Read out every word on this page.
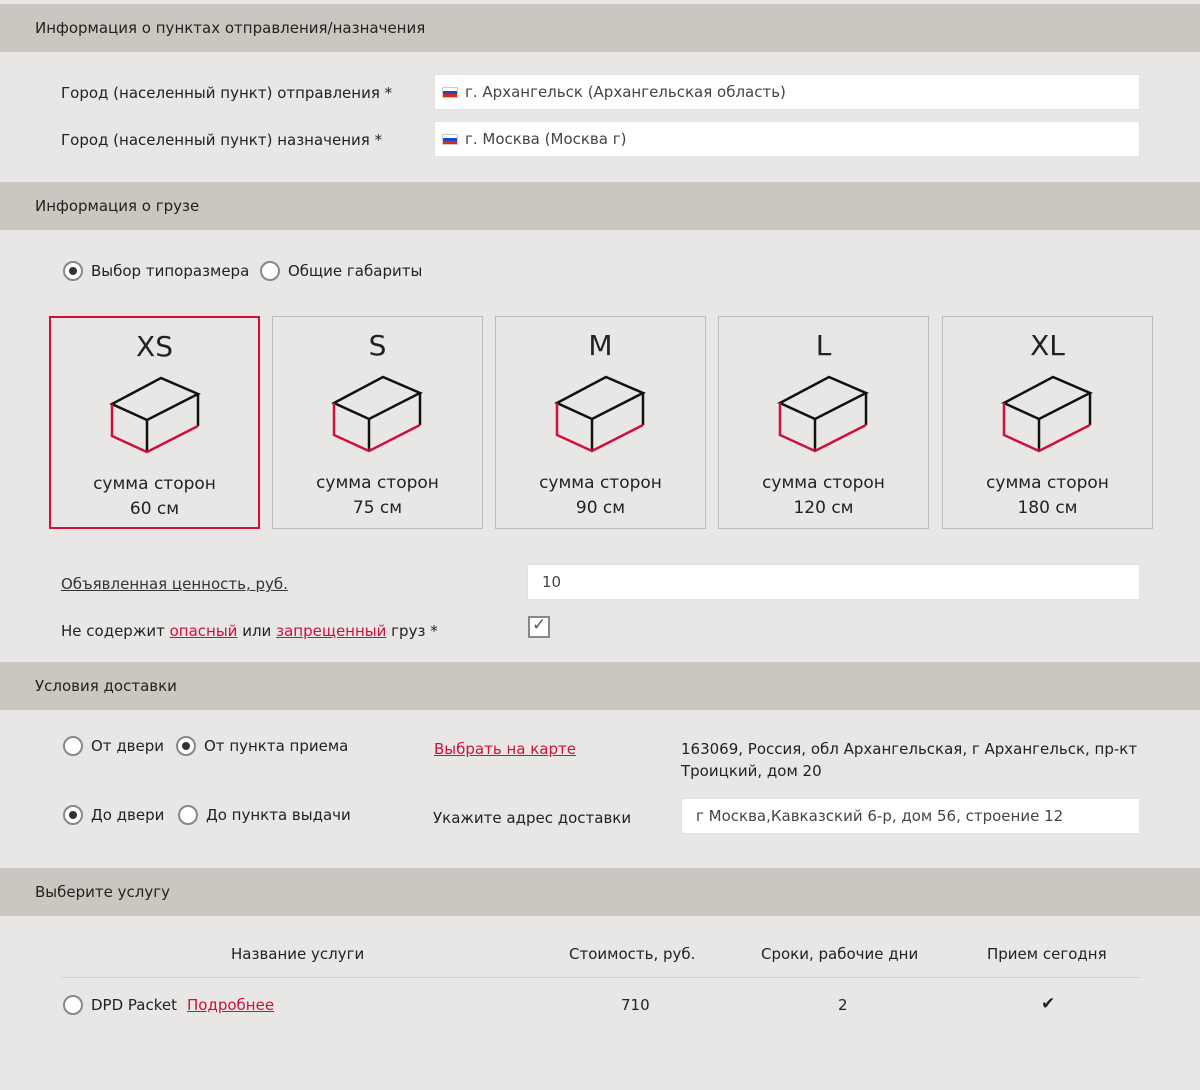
Информация о пунктах отправления/назначения
Город (населенный пункт) отправления *	г. Архангельск (Архангельская область)
Город (населенный пункт) назначения *	г. Москва (Москва г)
Информация о грузе
Выбор типоразмера	Общие габариты
XS
сумма сторон
60 см
S
сумма сторон
75 см
M
сумма сторон
90 см
L
сумма сторон
120 см
XL
сумма сторон
180 см
Объявленная ценность, руб.	10
Не содержит опасный или запрещенный груз *	✓
Условия доставки
От двери	От пункта приема	Выбрать на карте	163069, Россия, обл Архангельская, г Архангельск, пр-кт
Троицкий, дом 20
До двери	До пункта выдачи	Укажите адрес доставки	г Москва,Кавказский 6-р, дом 56, строение 12
Выберите услугу
Название услуги	Стоимость, руб.	Сроки, рабочие дни	Прием сегодня
DPD Packet Подробнее	710	2	✔
